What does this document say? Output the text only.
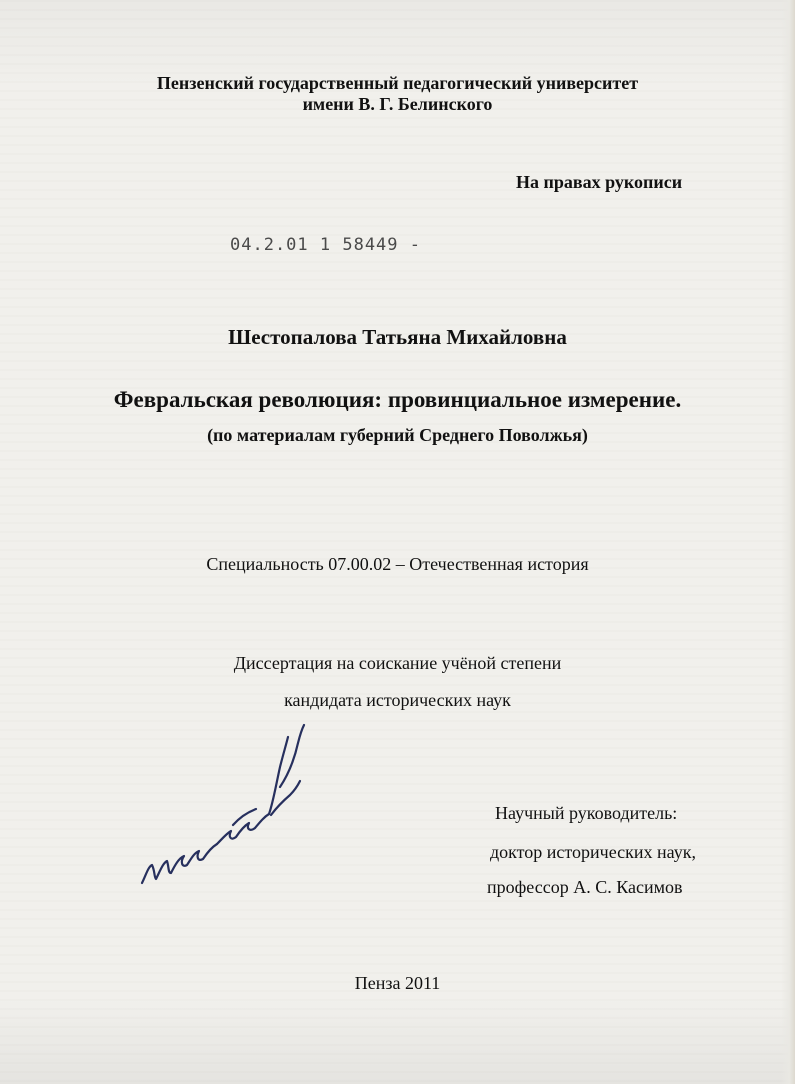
Пензенский государственный педагогический университет

имени В. Г. Белинского

На правах рукописи

04.2.01 1 58449 -

Шестопалова Татьяна Михайловна

Февральская революция: провинциальное измерение.

(по материалам губерний Среднего Поволжья)

Специальность 07.00.02 – Отечественная история

Диссертация на соискание учёной степени

кандидата исторических наук

Научный руководитель:

доктор исторических наук,

профессор А. С. Касимов

Пенза 2011
